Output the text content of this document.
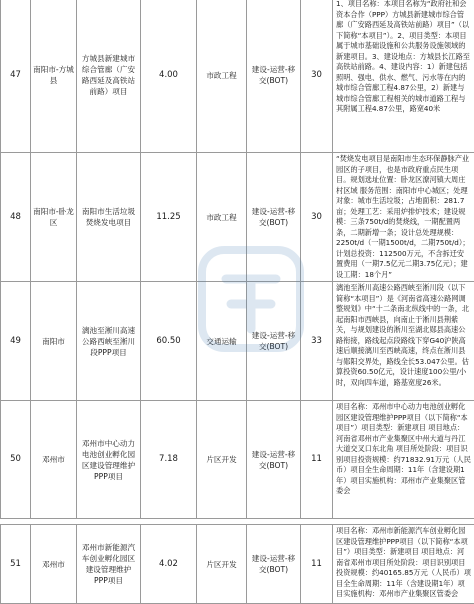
47	南阳市-方城县	方城县新建城市综合管廊（广安路西延及高铁站前路）项目	4.00	市政工程	建设-运营-移交(BOT)	30	1、项目名称：本项目名称为“政府社和会资本合作（PPP）方城县新建城市综合管廊（广安路西延及高铁站前路）项目”（以下简称“本项目”）。2、项目类型：本项目属于城市基础设施和公共服务设施领域的新建项目。3、建设地点：方城县长江路至高铁站前路。4、建设内容：1）新建包括照明、强电、供水、燃气、污水等在内的城市综合管廊工程4.87公里，2）新建与城市综合管廊工程相关的城市道路工程与其附属工程4.87公里，路宽40米
48	南阳市-卧龙区	南阳市生活垃圾焚烧发电项目	11.25	市政工程	建设-运营-移交(BOT)	30	“焚烧发电项目是南阳市生态环保静脉产业园区的子项目，也是市政府重点民生项目。规划选址位置：卧龙区潦河镇大周庄村区域 服务范围：南阳市中心城区；处理对象：城市生活垃圾；占地面积：281.7亩；处理工艺：采用炉排炉技术；建设规模：三条750t/d的焚烧线，一期配置两条，二期新增一条；设计总处理规模：2250t/d（一期1500t/d，二期750t/d）；计划总投资：112500万元，不含拆迁安置费用（一期7.5亿元二期3.75亿元）；建设工期：18个月”
49	南阳市	漓池至淅川高速公路西峡至淅川段PPP项目	60.50	交通运输	建设-运营-移交(BOT)	33	漓池至淅川高速公路西峡至淅川段（以下简称“本项目”）是《河南省高速公路网调整规划》中“十二条南北纵线中的一条，北起南阳市西峡县，向南止于淅川县荆紫关，与规划建设的淅川至湖北郧县高速公路衔接，路线起点段路线下穿G40沪陕高速后顺接漓川至西峡高速，终点在淅川县与郧阳交界处，路线全长53.047公里。估算投资60.50亿元，设计速度100公里/小时，双向四车道，路基宽度26米。
50	邓州市	邓州市中心动力电池创业孵化园区建设管理维护PPP项目	7.18	片区开发	建设-运营-移交(BOT)	11	项目名称：邓州市中心动力电池创业孵化园区建设管理维护PPP项目（以下简称“本项目”）项目类型：新建项目 项目地点：河南省邓州市产业集聚区中州大道与丹江大道交叉口东北角 项目所处阶段：项目识别项目投资规模：约71832.91万元（人民币）项目全生命周期：11年（含建设期1年）项目实施机构：邓州市产业集聚区管委会

51	邓州市	邓州市新能源汽车创业孵化园区建设管理维护PPP项目	4.02	片区开发	建设-运营-移交(BOT)	11	项目名称：邓州市新能源汽车创业孵化园区建设管理维护PPP项目（以下简称“本项目”）项目类型：新建项目 项目地点：河南省邓州市项目所处阶段：项目识别项目投资规模：约40165.85万元（人民币）项目全生命周期：11年（含建设期1年）项目实施机构：邓州市产业集聚区管委会
